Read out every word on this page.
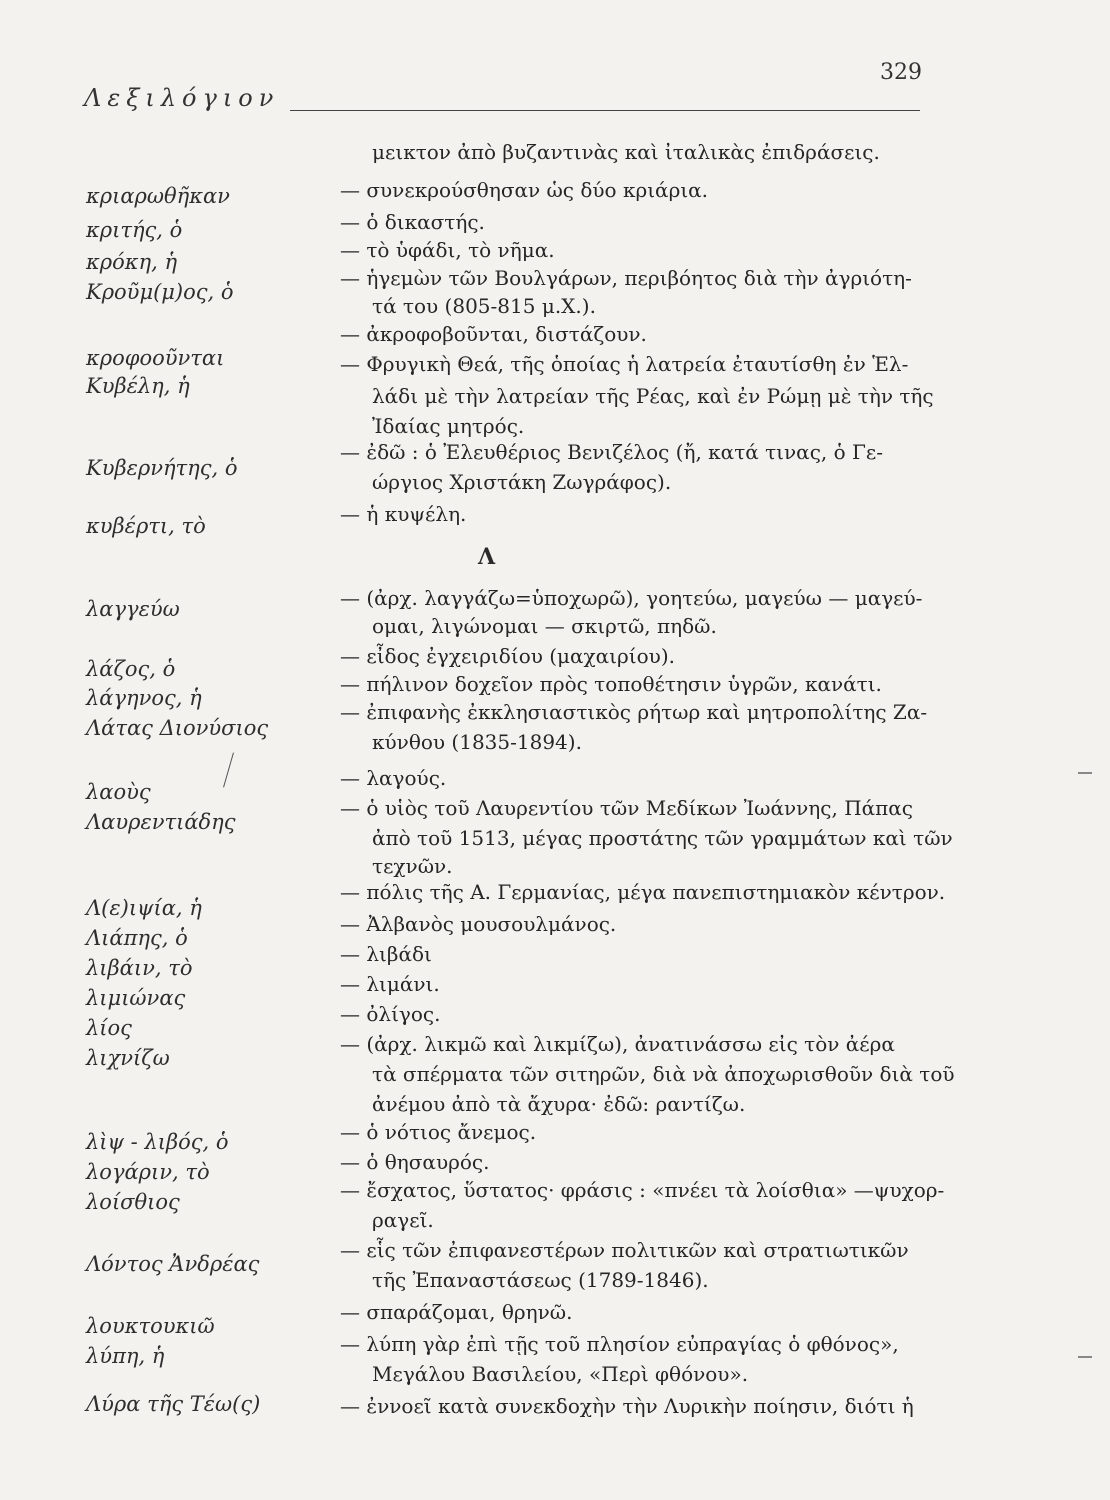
Λεξιλόγιον
329
κριαρωθῆκαν
κριτής, ὁ
κρόκη, ἡ
Κροῦμ(μ)ος, ὁ
κροφοοῦνται
Κυβέλη, ἡ
Κυβερνήτης, ὁ
κυβέρτι, τὸ
λαγγεύω
λάζος, ὁ
λάγηνος, ἡ
Λάτας Διονύσιος
λαοὺς
Λαυρεντιάδης
Λ(ε)ιψία, ἡ
Λιάπης, ὁ
λιβάιν, τὸ
λιμιώνας
λίος
λιχνίζω
λὶψ - λιβός, ὁ
λογάριν, τὸ
λοίσθιος
Λόντος Ἀνδρέας
λουκτουκιῶ
λύπη, ἡ
Λύρα τῆς Τέω(ς)
μεικτον ἀπὸ βυζαντινὰς καὶ ἰταλικὰς ἐπιδράσεις.
— συνεκρούσθησαν ὡς δύο κριάρια.
— ὁ δικαστής.
— τὸ ὑφάδι, τὸ νῆμα.
— ἡγεμὼν τῶν Βουλγάρων, περιβόητος διὰ τὴν ἀγριότη-
τά του (805-815 μ.Χ.).
— ἀκροφοβοῦνται, διστάζουν.
— Φρυγικὴ Θεά, τῆς ὁποίας ἡ λατρεία ἐταυτίσθη ἐν Ἑλ-
λάδι μὲ τὴν λατρείαν τῆς Ρέας, καὶ ἐν Ρώμῃ μὲ τὴν τῆς
Ἰδαίας μητρός.
— ἐδῶ : ὁ Ἐλευθέριος Βενιζέλος (ἤ, κατά τινας, ὁ Γε-
ώργιος Χριστάκη Ζωγράφος).
— ἡ κυψέλη.
Λ
— (ἀρχ. λαγγάζω=ὑποχωρῶ), γοητεύω, μαγεύω — μαγεύ-
ομαι, λιγώνομαι — σκιρτῶ, πηδῶ.
— εἶδος ἐγχειριδίου (μαχαιρίου).
— πήλινον δοχεῖον πρὸς τοποθέτησιν ὑγρῶν, κανάτι.
— ἐπιφανὴς ἐκκλησιαστικὸς ρήτωρ καὶ μητροπολίτης Ζα-
κύνθου (1835-1894).
— λαγούς.
— ὁ υἱὸς τοῦ Λαυρεντίου τῶν Μεδίκων Ἰωάννης, Πάπας
ἀπὸ τοῦ 1513, μέγας προστάτης τῶν γραμμάτων καὶ τῶν
τεχνῶν.
— πόλις τῆς Α. Γερμανίας, μέγα πανεπιστημιακὸν κέντρον.
— Ἀλβανὸς μουσουλμάνος.
— λιβάδι
— λιμάνι.
— ὀλίγος.
— (ἀρχ. λικμῶ καὶ λικμίζω), ἀνατινάσσω εἰς τὸν ἀέρα
τὰ σπέρματα τῶν σιτηρῶν, διὰ νὰ ἀποχωρισθοῦν διὰ τοῦ
ἀνέμου ἀπὸ τὰ ἄχυρα· ἐδῶ: ραντίζω.
— ὁ νότιος ἄνεμος.
— ὁ θησαυρός.
— ἔσχατος, ὕστατος· φράσις : «πνέει τὰ λοίσθια» —ψυχορ-
ραγεῖ.
— εἷς τῶν ἐπιφανεστέρων πολιτικῶν καὶ στρατιωτικῶν
τῆς Ἐπαναστάσεως (1789-1846).
— σπαράζομαι, θρηνῶ.
— λύπη γὰρ ἐπὶ τῇς τοῦ πλησίον εὐπραγίας ὁ φθόνος»,
Μεγάλου Βασιλείου, «Περὶ φθόνου».
— ἐννοεῖ κατὰ συνεκδοχὴν τὴν Λυρικὴν ποίησιν, διότι ἡ
